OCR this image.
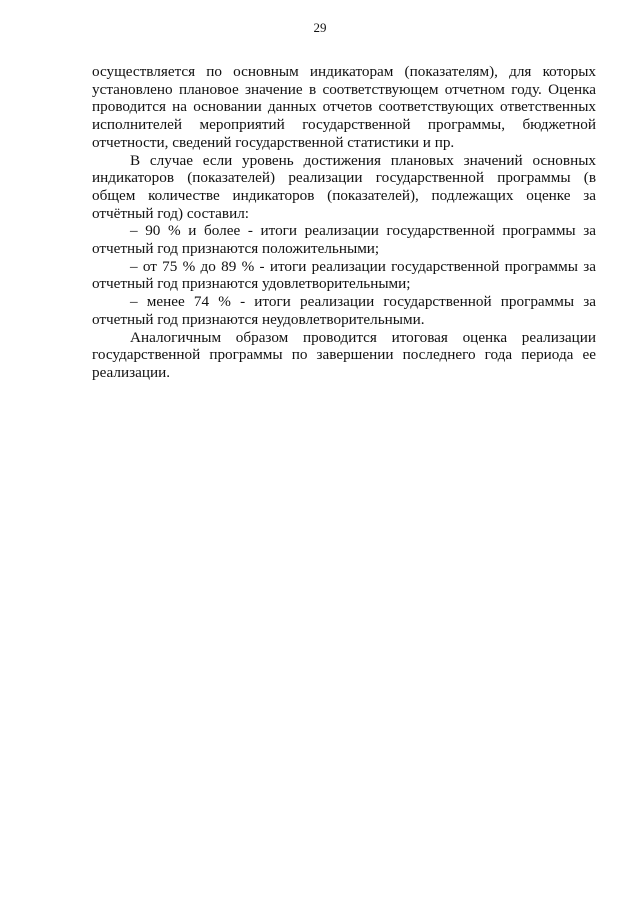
29

осуществляется по основным индикаторам (показателям), для которых установлено плановое значение в соответствующем отчетном году. Оценка проводится на основании данных отчетов соответствующих ответственных исполнителей мероприятий государственной программы, бюджетной отчетности, сведений государственной статистики и пр.

В случае если уровень достижения плановых значений основных индикаторов (показателей) реализации государственной программы (в общем количестве индикаторов (показателей), подлежащих оценке за отчётный год) составил:

– 90 % и более - итоги реализации государственной программы за отчетный год признаются положительными;

– от 75 % до 89 % - итоги реализации государственной программы за отчетный год признаются удовлетворительными;

– менее 74 % - итоги реализации государственной программы за отчетный год признаются неудовлетворительными.

Аналогичным образом проводится итоговая оценка реализации государственной программы по завершении последнего года периода ее реализации.
